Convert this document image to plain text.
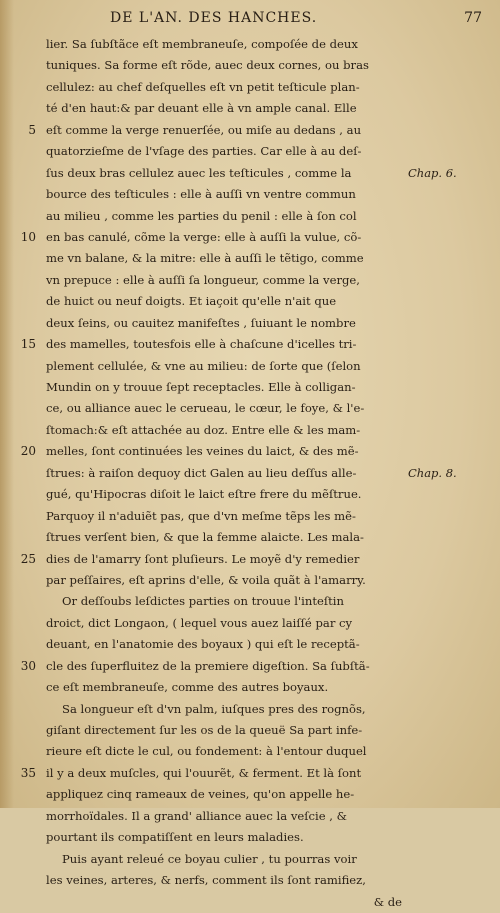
DE L'AN. DES HANCHES.	77
lier. Sa ſubſtãce eſt membraneuſe, compoſée de deux
tuniques. Sa forme eſt rõde, auec deux cornes, ou bras
cellulez: au chef deſquelles eſt vn petit teſticule plan-
té d'en haut:& par deuant elle à vn ample canal. Elle
eſt comme la verge renuerſée, ou miſe au dedans , au
5
quatorzieſme de l'vſage des parties. Car elle à au deſ-
ſus deux bras cellulez auec les teſticules , comme la	Chap. 6.
bource des teſticules : elle à auſſi vn ventre commun
au milieu , comme les parties du penil : elle à ſon col
en bas canulé, cõme la verge: elle à auſſi la vulue, cõ-
10
me vn balane, & la mitre: elle à auſſi le tẽtigo, comme
vn prepuce : elle à auſſi ſa longueur, comme la verge,
de huict ou neuf doigts. Et iaçoit qu'elle n'ait que
deux ſeins, ou cauitez manifeſtes , ſuiuant le nombre
des mamelles, toutesfois elle à chaſcune d'icelles tri-
15
plement cellulée, & vne au milieu: de ſorte que (ſelon
Mundin on y trouue ſept receptacles. Elle à colligan-
ce, ou alliance auec le cerueau, le cœur, le foye, & l'e-
ſtomach:& eſt attachée au doz. Entre elle & les mam-
melles, ſont continuées les veines du laict, & des mẽ-
20
ſtrues: à raiſon dequoy dict Galen au lieu deſſus alle-	Chap. 8.
gué, qu'Hipocras diſoit le laict eſtre frere du mẽſtrue.
Parquoy il n'aduiẽt pas, que d'vn meſme tẽps les mẽ-
ſtrues verſent bien, & que la femme alaicte. Les mala-
dies de l'amarry ſont pluſieurs. Le moyẽ d'y remedier
25
par peſſaires, eſt aprins d'elle, & voila quãt à l'amarry.
Or deſſoubs leſdictes parties on trouue l'inteſtin
droict, dict Longaon, ( lequel vous auez laiſſé par cy
deuant, en l'anatomie des boyaux ) qui eſt le receptã-
cle des ſuperfluitez de la premiere digeſtion. Sa ſubſtã-
30
ce eſt membraneuſe, comme des autres boyaux.
Sa longueur eſt d'vn palm, iuſques pres des rognõs,
giſant directement ſur les os de la queuë Sa part infe-
rieure eſt dicte le cul, ou fondement: à l'entour duquel
il y a deux muſcles, qui l'ouurẽt, & ferment. Et là ſont
35
appliquez cinq rameaux de veines, qu'on appelle he-
morrhoïdales. Il a grand' alliance auec la veſcie , &
pourtant ils compatiſſent en leurs maladies.
Puis ayant releué ce boyau culier , tu pourras voir
les veines, arteres, & nerfs, comment ils ſont ramifiez,
& de
